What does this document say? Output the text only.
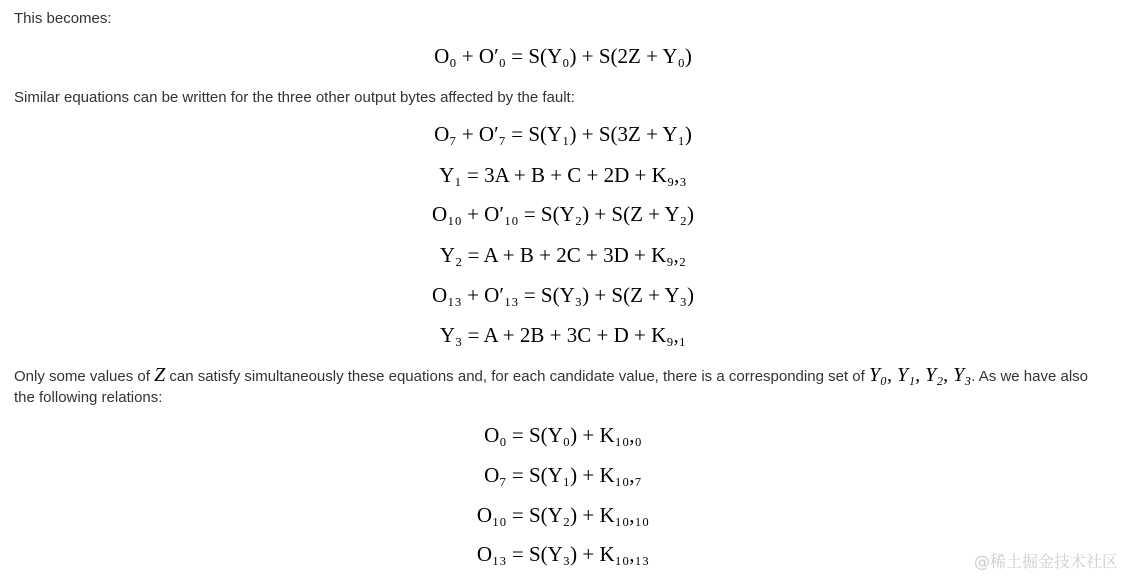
This becomes:
O₀ + O′₀ = S(Y₀) + S(2Z + Y₀)
Similar equations can be written for the three other output bytes affected by the fault:
O₇ + O′₇ = S(Y₁) + S(3Z + Y₁)
Y₁ = 3A + B + C + 2D + K₉,₃
O₁₀ + O′₁₀ = S(Y₂) + S(Z + Y₂)
Y₂ = A + B + 2C + 3D + K₉,₂
O₁₃ + O′₁₃ = S(Y₃) + S(Z + Y₃)
Y₃ = A + 2B + 3C + D + K₉,₁
Only some values of Z can satisfy simultaneously these equations and, for each candidate value, there is a corresponding set of Y₀, Y₁, Y₂, Y₃. As we have also the following relations:
O₀ = S(Y₀) + K₁₀,₀
O₇ = S(Y₁) + K₁₀,₇
O₁₀ = S(Y₂) + K₁₀,₁₀
O₁₃ = S(Y₃) + K₁₀,₁₃	@稀土掘金技术社区
